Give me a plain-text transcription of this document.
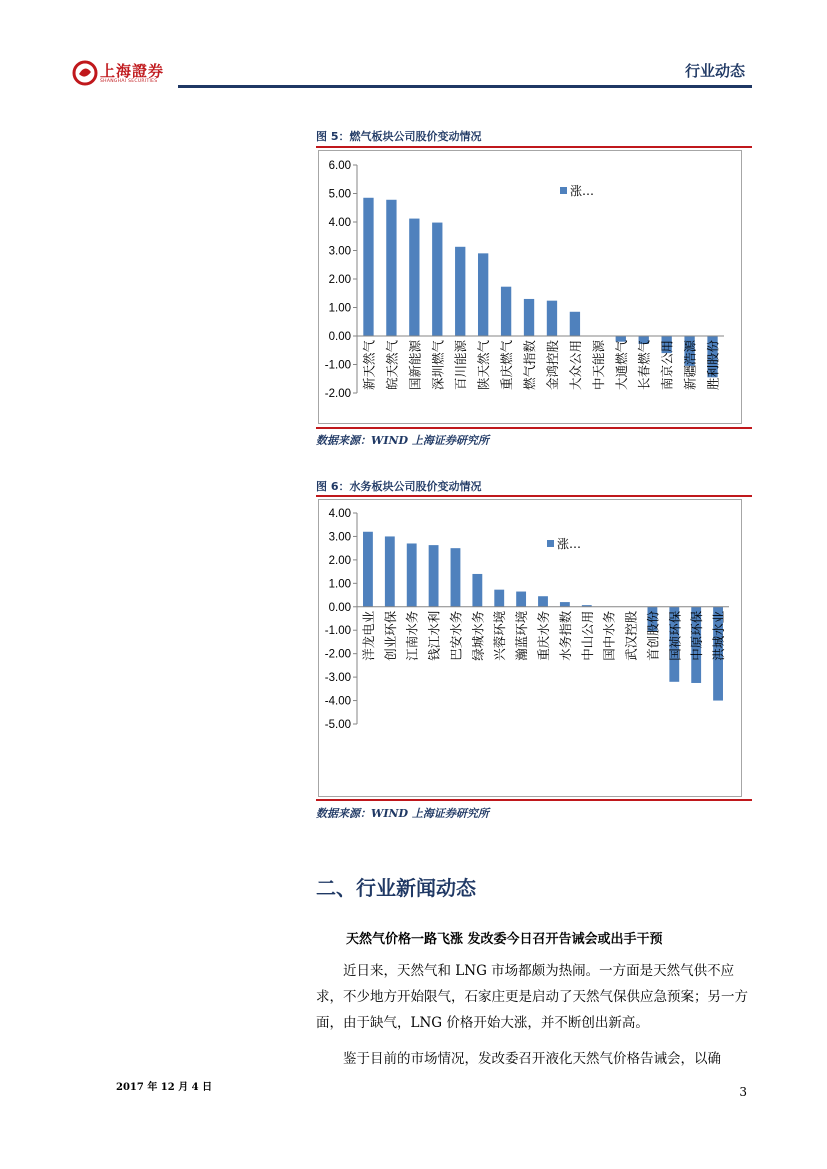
上海證券
SHANGHAI SECURITIES
行业动态
图 5：燃气板块公司股价变动情况
6.00
5.00
4.00
3.00
2.00
1.00
0.00
-1.00
-2.00
新天然气 皖天然气 国新能源 深圳燃气 百川能源 陕天然气 重庆燃气 燃气指数 金鸿控股 大众公用 中天能源 大通燃气 长春燃气 南京公用 新疆浩源 胜利股份
涨…
数据来源：WIND 上海证券研究所
图 6：水务板块公司股价变动情况
4.00
3.00
2.00
1.00
0.00
-1.00
-2.00
-3.00
-4.00
-5.00
洋龙电业 创业环保 江南水务 钱江水利 巴安水务 绿城水务 兴蓉环境 瀚蓝环境 重庆水务 水务指数 中山公用 国中水务 武汉控股 首创股份 国祯环保 中原环保 洪城水业
涨…
数据来源：WIND 上海证券研究所
二、行业新闻动态
天然气价格一路飞涨 发改委今日召开告诫会或出手干预
近日来，天然气和 LNG 市场都颇为热闹。一方面是天然气供不应求，不少地方开始限气，石家庄更是启动了天然气保供应急预案；另一方面，由于缺气，LNG 价格开始大涨，并不断创出新高。
鉴于目前的市场情况，发改委召开液化天然气价格告诫会，以确
2017 年 12 月 4 日	3
